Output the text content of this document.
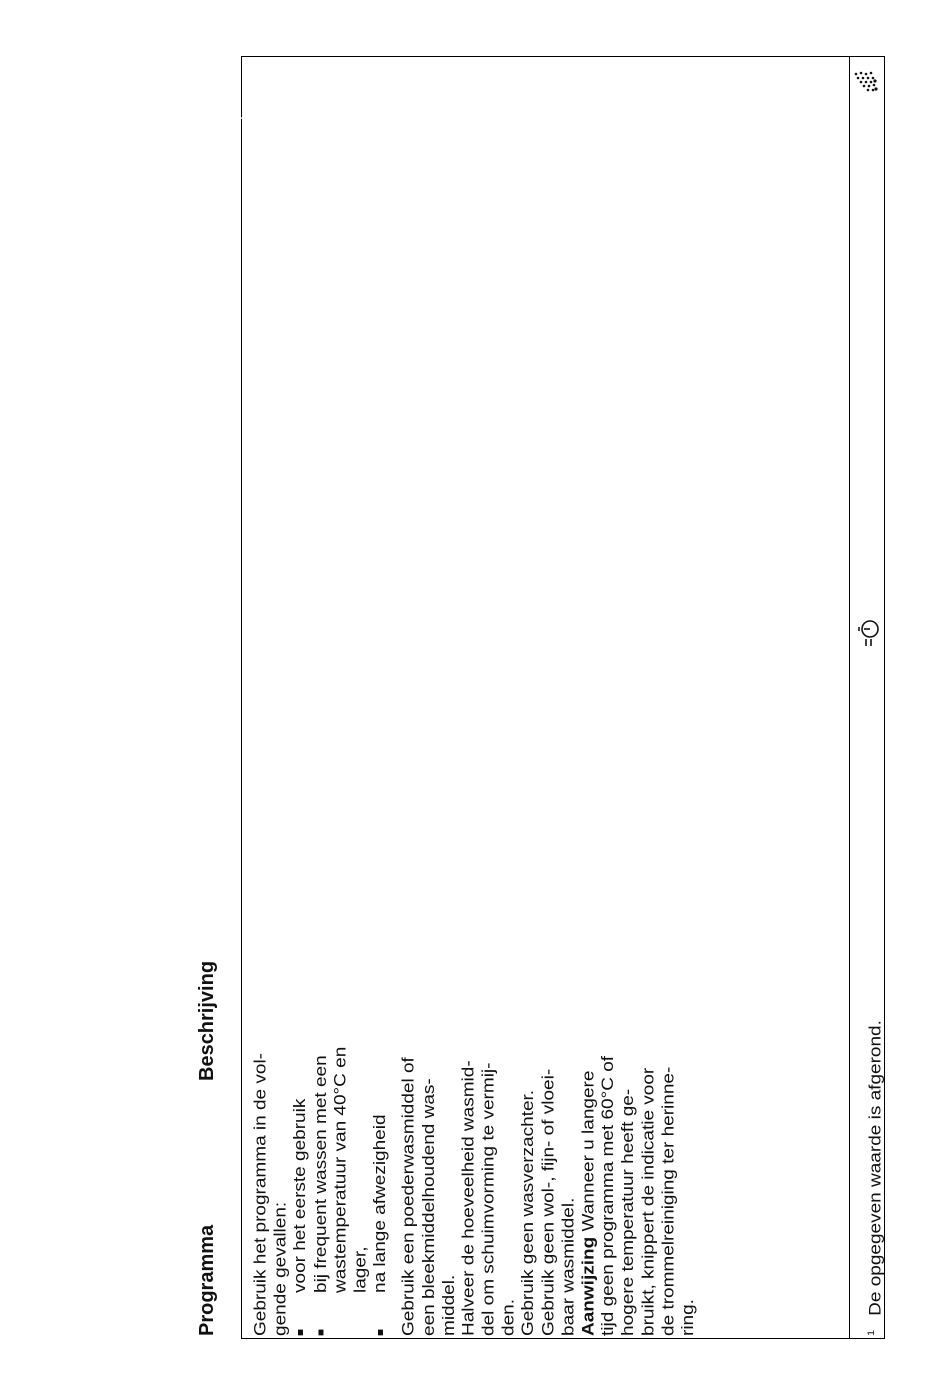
Programma
Beschrijving
Gebruik het programma in de vol- gende gevallen:
■ voor het eerste gebruik
■ bij frequent wassen met een wastemperatuur van 40°C en lager,
■ na lange afwezigheid Gebruik een poederwasmiddel of een bleekmiddelhoudend was- middel. Halveer de hoeveelheid wasmid- del om schuimvorming te vermij- den. Gebruik geen wasverzachter. Gebruik geen wol-, fijn- of vloei- baar wasmiddel. Aanwijzing Wanneer u langere tijd geen programma met 60°C of hogere temperatuur heeft ge- bruikt, knippert de indicatie voor de trommelreiniging ter herinne- ring.	$^1$De opgegeven waarde is afgerond.
